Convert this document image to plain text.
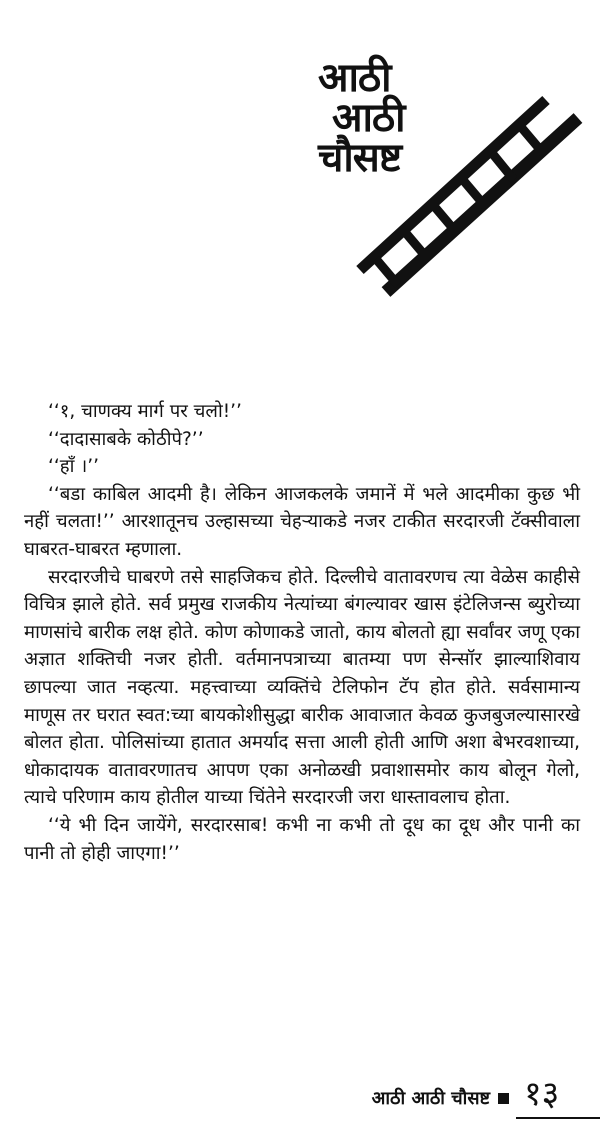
आठी
आठी
चौसष्ट

‘‘१, चाणक्य मार्ग पर चलो!’’

‘‘दादासाबके कोठीपे?’’

‘‘हाँ ।’’

‘‘बडा काबिल आदमी है। लेकिन आजकलके जमानें में भले आदमीका कुछ भी नहीं चलता!’’ आरशातूनच उल्हासच्या चेहऱ्याकडे नजर टाकीत सरदारजी टॅक्सीवाला घाबरत-घाबरत म्हणाला.

सरदारजीचे घाबरणे तसे साहजिकच होते. दिल्लीचे वातावरणच त्या वेळेस काहीसे विचित्र झाले होते. सर्व प्रमुख राजकीय नेत्यांच्या बंगल्यावर खास इंटेलिजन्स ब्युरोच्या माणसांचे बारीक लक्ष होते. कोण कोणाकडे जातो, काय बोलतो ह्या सर्वांवर जणू एका अज्ञात शक्तिची नजर होती. वर्तमानपत्राच्या बातम्या पण सेन्सॉर झाल्याशिवाय छापल्या जात नव्हत्या. महत्त्वाच्या व्यक्तिंचे टेलिफोन टॅप होत होते. सर्वसामान्य माणूस तर घरात स्वत:च्या बायकोशीसुद्धा बारीक आवाजात केवळ कुजबुजल्यासारखे बोलत होता. पोलिसांच्या हातात अमर्याद सत्ता आली होती आणि अशा बेभरवशाच्या, धोकादायक वातावरणातच आपण एका अनोळखी प्रवाशासमोर काय बोलून गेलो, त्याचे परिणाम काय होतील याच्या चिंतेने सरदारजी जरा धास्तावलाच होता.

‘‘ये भी दिन जायेंगे, सरदारसाब! कभी ना कभी तो दूध का दूध और पानी का पानी तो होही जाएगा!’’

आठी आठी चौसष्ट १३
